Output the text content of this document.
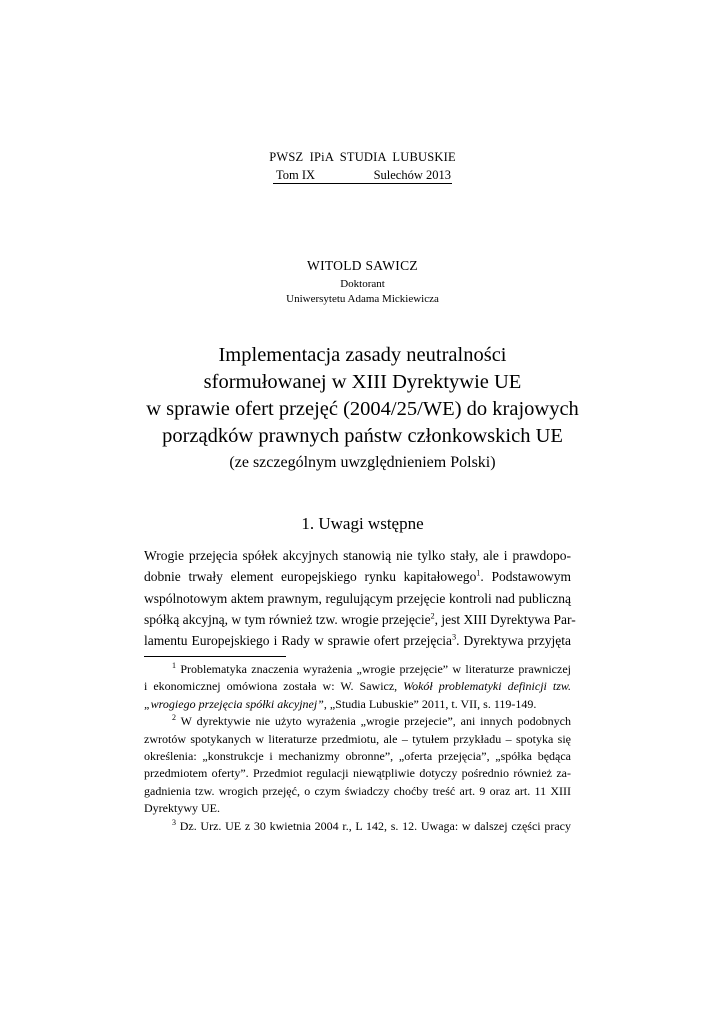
PWSZ IPiA STUDIA LUBUSKIE
Tom IX	Sulechów 2013
WITOLD SAWICZ
Doktorant
Uniwersytetu Adama Mickiewicza
Implementacja zasady neutralności
sformułowanej w XIII Dyrektywie UE
w sprawie ofert przejęć (2004/25/WE) do krajowych
porządków prawnych państw członkowskich UE
(ze szczególnym uwzględnieniem Polski)
1. Uwagi wstępne
Wrogie przejęcia spółek akcyjnych stanowią nie tylko stały, ale i prawdopo-
dobnie trwały element europejskiego rynku kapitałowego$^1$. Podstawowym
wspólnotowym aktem prawnym, regulującym przejęcie kontroli nad publiczną
spółką akcyjną, w tym również tzw. wrogie przejęcie$^2$, jest XIII Dyrektywa Par-
lamentu Europejskiego i Rady w sprawie ofert przejęcia$^3$. Dyrektywa przyjęta
$^1$ Problematyka znaczenia wyrażenia „wrogie przejęcie” w literaturze prawniczej
i ekonomicznej omówiona została w: W. Sawicz, Wokół problematyki definicji tzw.
„wrogiego przejęcia spółki akcyjnej”, „Studia Lubuskie” 2011, t. VII, s. 119-149.
$^2$ W dyrektywie nie użyto wyrażenia „wrogie przejecie”, ani innych podobnych
zwrotów spotykanych w literaturze przedmiotu, ale – tytułem przykładu – spotyka się
określenia: „konstrukcje i mechanizmy obronne”, „oferta przejęcia”, „spółka będąca
przedmiotem oferty”. Przedmiot regulacji niewątpliwie dotyczy pośrednio również za-
gadnienia tzw. wrogich przejęć, o czym świadczy choćby treść art. 9 oraz art. 11 XIII
Dyrektywy UE.
$^3$ Dz. Urz. UE z 30 kwietnia 2004 r., L 142, s. 12. Uwaga: w dalszej części pracy
